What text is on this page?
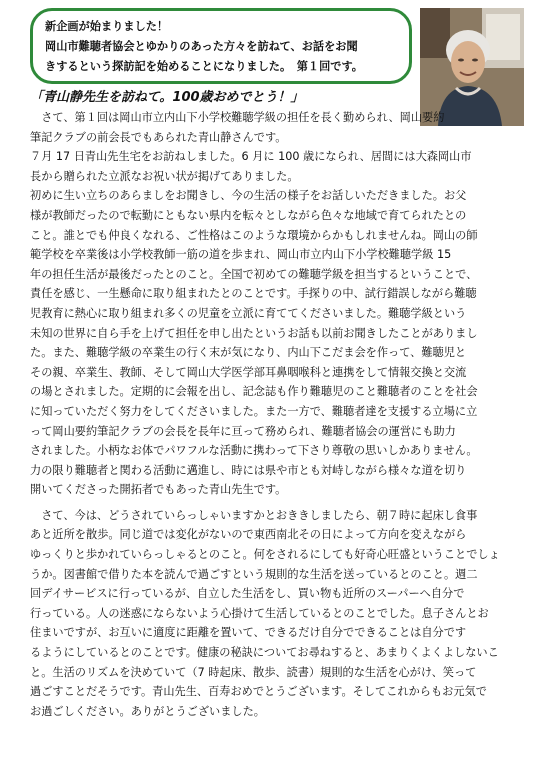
新企画が始まりました！
岡山市難聴者協会とゆかりのあった方々を訪ねて、お話をお聞
きするという探訪記を始めることになりました。　第１回です。
「青山静先生を訪ねて。100歳おめでとう！」
　さて、第１回は岡山市立内山下小学校難聴学級の担任を長く勤められ、岡山要約
筆記クラブの前会長でもあられた青山静さんです。
７月 17 日青山先生宅をお訪ねしました。6 月に 100 歳になられ、居間には大森岡山市
長から贈られた立派なお祝い状が掲げてありました。
初めに生い立ちのあらましをお聞きし、今の生活の様子をお話しいただきました。お父
様が教師だったので転勤にともない県内を転々としながら色々な地域で育てられたとの
こと。誰とでも仲良くなれる、ご性格はこのような環境からかもしれませんね。岡山の師
範学校を卒業後は小学校教師一筋の道を歩まれ、岡山市立内山下小学校難聴学級 15
年の担任生活が最後だったとのこと。全国で初めての難聴学級を担当するということで、
責任を感じ、一生懸命に取り組まれたとのことです。手探りの中、試行錯誤しながら難聴
児教育に熱心に取り組まれ多くの児童を立派に育ててくださいました。難聴学級という
未知の世界に自ら手を上げて担任を申し出たというお話も以前お聞きしたことがありまし
た。また、難聴学級の卒業生の行く末が気になり、内山下こだま会を作って、難聴児と
その親、卒業生、教師、そして岡山大学医学部耳鼻咽喉科と連携をして情報交換と交流
の場とされました。定期的に会報を出し、記念誌も作り難聴児のこと難聴者のことを社会
に知っていただく努力をしてくださいました。また一方で、難聴者達を支援する立場に立
って岡山要約筆記クラブの会長を長年に亘って務められ、難聴者協会の運営にも助力
されました。小柄なお体でパワフルな活動に携わって下さり尊敬の思いしかありません。
力の限り難聴者と関わる活動に邁進し、時には県や市とも対峙しながら様々な道を切り
開いてくださった開拓者でもあった青山先生です。
　さて、今は、どうされていらっしゃいますかとおききしましたら、朝７時に起床し食事
あと近所を散歩。同じ道では変化がないので東西南北その日によって方向を変えながら
ゆっくりと歩かれていらっしゃるとのこと。何をされるにしても好奇心旺盛ということでしょ
うか。図書館で借りた本を読んで過ごすという規則的な生活を送っているとのこと。週二
回デイサービスに行っているが、自立した生活をし、買い物も近所のスーパーへ自分で
行っている。人の迷惑にならないよう心掛けて生活しているとのことでした。息子さんとお
住まいですが、お互いに適度に距離を置いて、できるだけ自分でできることは自分です
るようにしているとのことです。健康の秘訣についてお尋ねすると、あまりくよくよしないこ
と。生活のリズムを決めていて（7 時起床、散歩、読書）規則的な生活を心がけ、笑って
過ごすことだそうです。青山先生、百寿おめでとうございます。そしてこれからもお元気で
お過ごしください。ありがとうございました。
